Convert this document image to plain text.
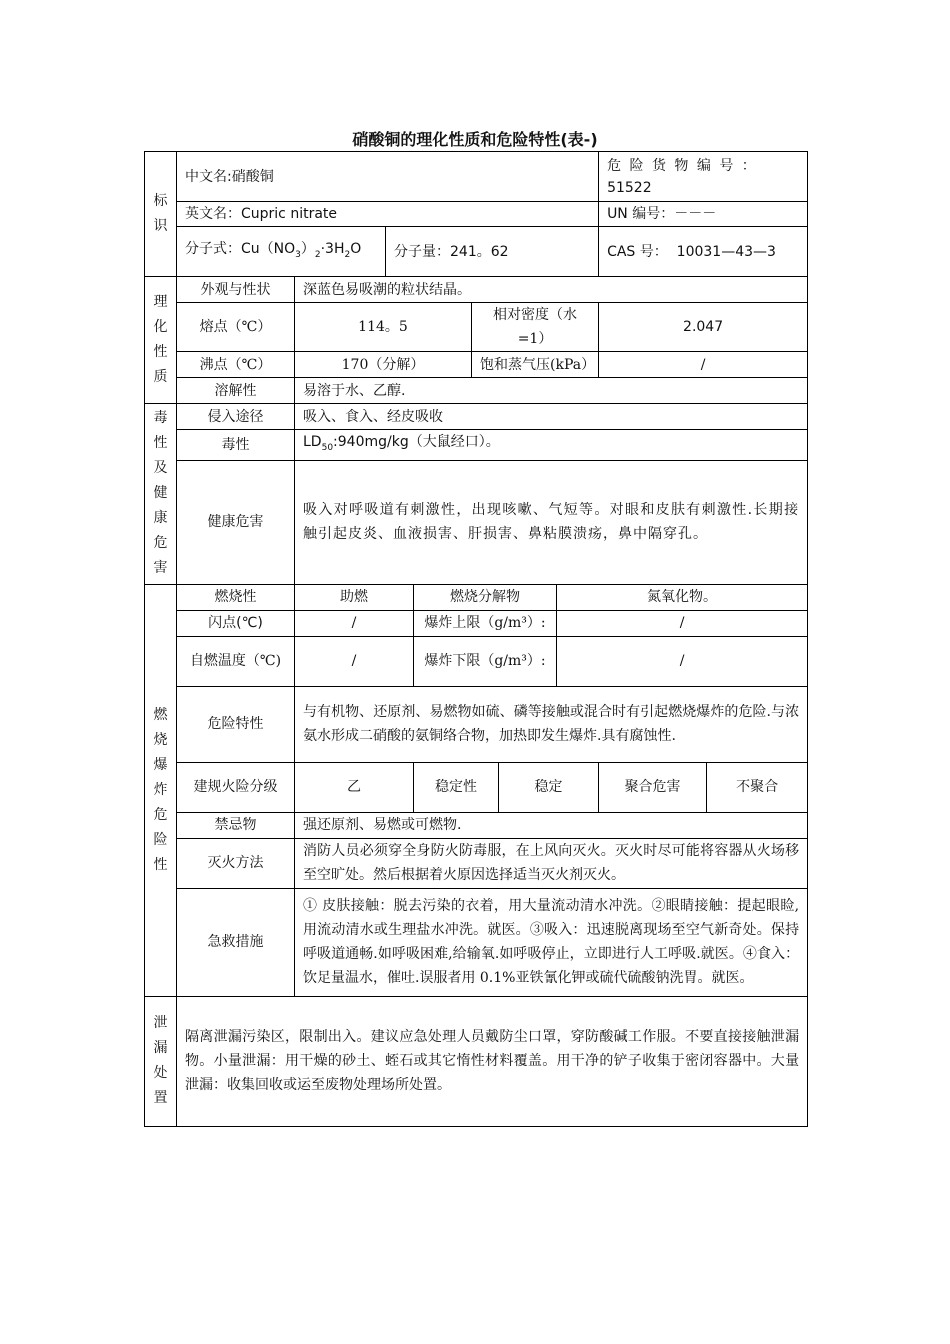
硝酸铜的理化性质和危险特性(表-)
标识	中文名:硝酸铜							危 险 货 物 编 号 ：
51522	

	英文名：Cupric nitrate							UN 编号：－－－	
	分子式：$Cu(NO_3)_2\cdot 3H_2O$		分子量：241。62					CAS 号： 10031—43—3	
理化性质	外观与性状	深蓝色易吸潮的粒状结晶。							
	熔点（℃）	114。5			相对密度（水=1）			2.047	
	沸点（℃）	170（分解）			饱和蒸气压(kPa）			/	
	溶解性	易溶于水、乙醇.							
毒性及健康危害	侵入途径	吸入、食入、经皮吸收							
	毒性	$LD_{50}:940mg/kg$（大鼠经口）。							
	健康危害	吸入对呼吸道有刺激性，出现咳嗽、气短等。对眼和皮肤有刺激性.长期接触引起皮炎、血液损害、肝损害、鼻粘膜溃疡，鼻中隔穿孔。							
燃烧爆炸危险性	燃烧性	助燃		燃烧分解物			氮氧化物。		
	闪点(℃)	/		爆炸上限（g/m³）:			/		
	自燃温度（℃)	/		爆炸下限（g/m³）:			/		
	危险特性	与有机物、还原剂、易燃物如硫、磷等接触或混合时有引起燃烧爆炸的危险.与浓氨水形成二硝酸的氨铜络合物，加热即发生爆炸.具有腐蚀性.							
	建规火险分级	乙		稳定性		稳定		聚合危害	不聚合
	禁忌物	强还原剂、易燃或可燃物.							
	灭火方法	消防人员必须穿全身防火防毒服，在上风向灭火。灭火时尽可能将容器从火场移至空旷处。然后根据着火原因选择适当灭火剂灭火。							
	急救措施	① 皮肤接触：脱去污染的衣着，用大量流动清水冲洗。②眼睛接触：提起眼睑,用流动清水或生理盐水冲洗。就医。③吸入：迅速脱离现场至空气新奇处。保持呼吸道通畅.如呼吸困难,给输氧.如呼吸停止，立即进行人工呼吸.就医。④食入：饮足量温水，催吐.误服者用 0.1%亚铁氰化钾或硫代硫酸钠洗胃。就医。							
泄漏处置	隔离泄漏污染区，限制出入。建议应急处理人员戴防尘口罩，穿防酸碱工作服。不要直接接触泄漏物。小量泄漏：用干燥的砂土、蛭石或其它惰性材料覆盖。用干净的铲子收集于密闭容器中。大量泄漏：收集回收或运至废物处理场所处置。								
